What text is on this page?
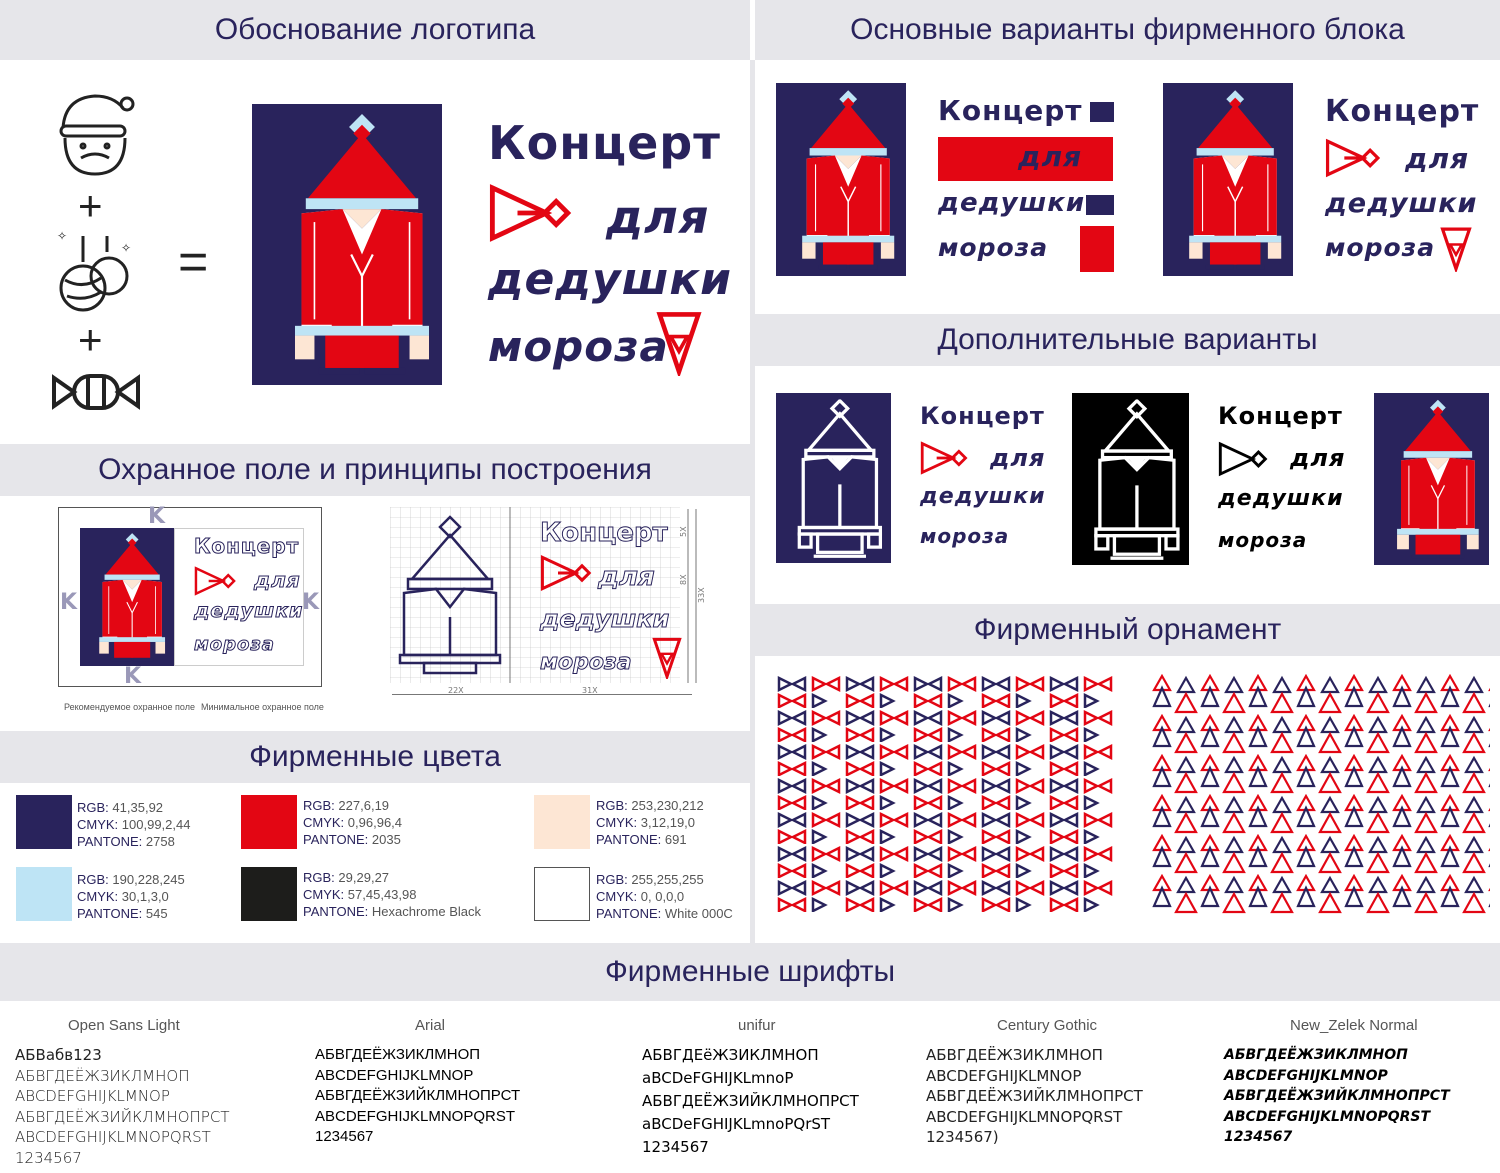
Обоснование логотипа	Основные варианты фирменного блока
Дополнительные варианты
Охранное поле и принципы построения
Фирменный орнамент
Фирменные цвета
Фирменные шрифты
+
✧
✧
+
=
Концерт
для
дедушки
мороза
Концерт
для
дедушки
мороза
Концерт
для
дедушки
мороза
Концерт
для
дедушки
мороза
Концерт
для
дедушки
мороза
Концерт
для
дедушки
мороза
K
K	K
K
Рекомендуемое охранное поле Минимальное охранное поле
Концерт
для
дедушки
мороза
5X
8X
33X
22X	31X
RGB: 41,35,92
CMYK: 100,99,2,44
PANTONE: 2758
RGB: 227,6,19
CMYK: 0,96,96,4
PANTONE: 2035
RGB: 253,230,212
CMYK: 3,12,19,0
PANTONE: 691
RGB: 190,228,245
CMYK: 30,1,3,0
PANTONE: 545
RGB: 29,29,27
CMYK: 57,45,43,98
PANTONE: Hexachrome Black
RGB: 255,255,255
CMYK: 0, 0,0,0
PANTONE: White 000C
Open Sans Light
АБВабв123
АБВГДЕЁЖЗИКЛМНОП
ABCDEFGHIJKLMNOP
АБВГДЕЁЖЗИЙКЛМНОПРСТ
ABCDEFGHIJKLMNOPQRST
1234567
Arial
АБВГДЕЁЖЗИКЛМНОП
ABCDEFGHIJKLMNOP
АБВГДЕЁЖЗИЙКЛМНОПРСТ
ABCDEFGHIJKLMNOPQRST
1234567
unifur
АБВГДЕёЖЗИКЛМНОП
aBCDeFGHIJKLmnoP
АБВГДЕЁЖЗИЙКЛМНОПРСТ
aBCDeFGHIJKLmnoPQrST
1234567
Century Gothic
АБВГДЕЁЖЗИКЛМНОП
ABCDEFGHIJKLMNOP
АБВГДЕЁЖЗИЙКЛМНОПРСТ
ABCDEFGHIJKLMNOPQRST
1234567)
New_Zelek Normal
АБВГДЕЁЖЗИКЛМНОП
ABCDEFGHIJKLMNOP
АБВГДЕЁЖЗИЙКЛМНОПРСТ
ABCDEFGHIJKLMNOPQRST
1234567
